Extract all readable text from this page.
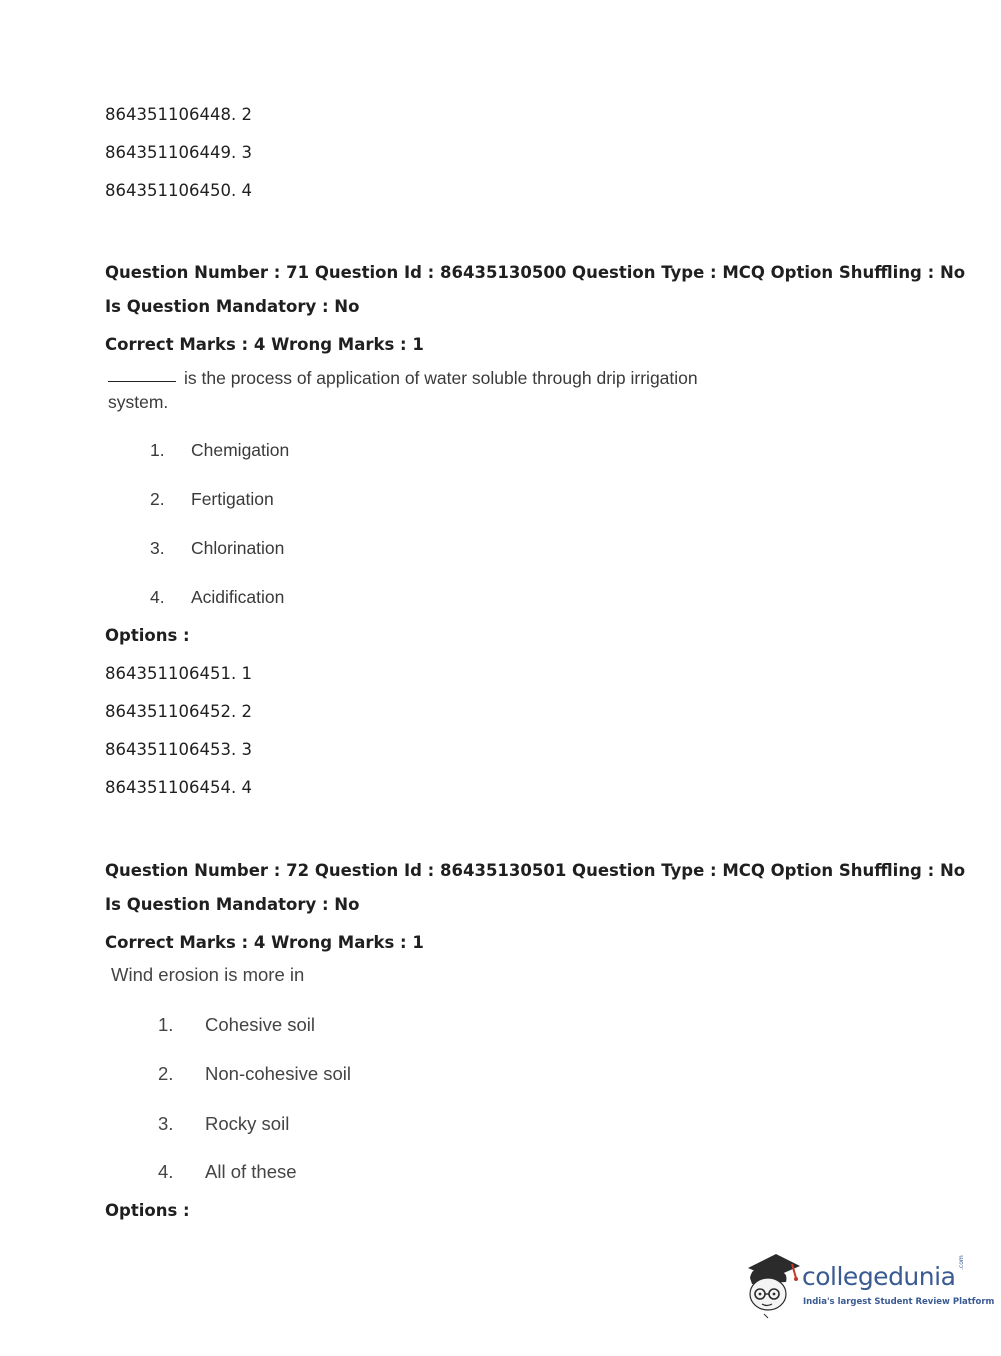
864351106448. 2
864351106449. 3
864351106450. 4
Question Number : 71 Question Id : 86435130500 Question Type : MCQ Option Shuffling : No
Is Question Mandatory : No
Correct Marks : 4 Wrong Marks : 1
is the process of application of water soluble through drip irrigation
system.
1. Chemigation
2. Fertigation
3. Chlorination
4. Acidification
Options :
864351106451. 1
864351106452. 2
864351106453. 3
864351106454. 4
Question Number : 72 Question Id : 86435130501 Question Type : MCQ Option Shuffling : No
Is Question Mandatory : No
Correct Marks : 4 Wrong Marks : 1
Wind erosion is more in
1. Cohesive soil
2. Non-cohesive soil
3. Rocky soil
4. All of these
Options :
collegedunia .com
India's largest Student Review Platform
